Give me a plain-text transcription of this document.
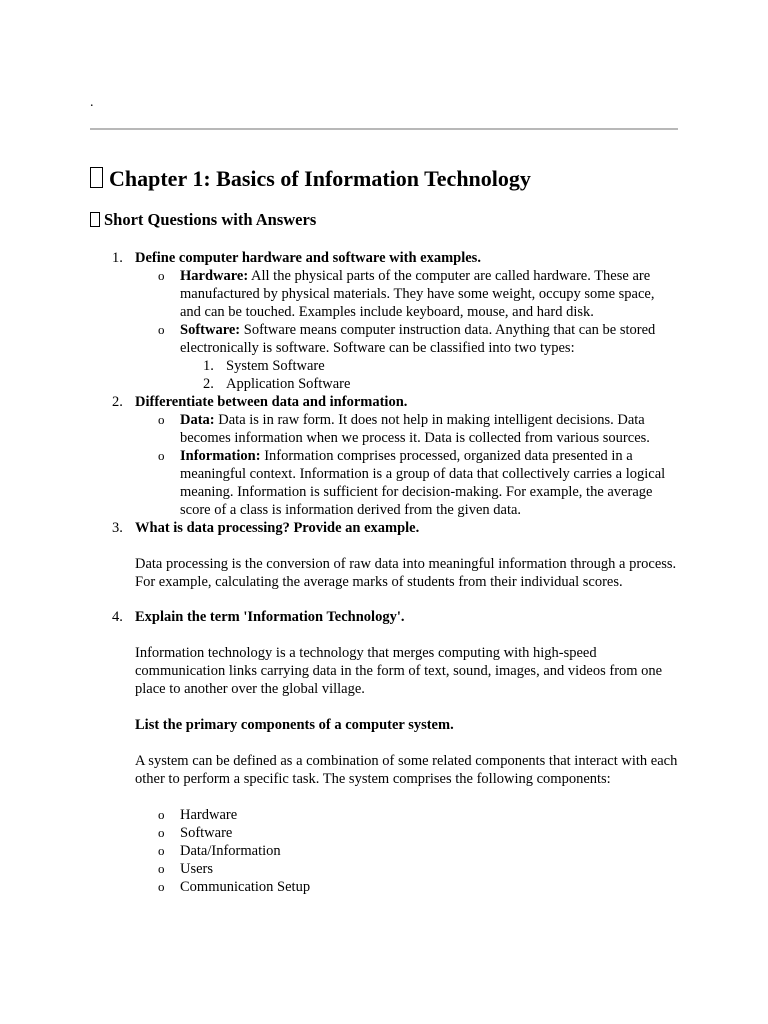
.
Chapter 1: Basics of Information Technology
Short Questions with Answers
1. Define computer hardware and software with examples.
o Hardware: All the physical parts of the computer are called hardware. These are manufactured by physical materials. They have some weight, occupy some space, and can be touched. Examples include keyboard, mouse, and hard disk.
o Software: Software means computer instruction data. Anything that can be stored electronically is software. Software can be classified into two types:
1. System Software
2. Application Software
2. Differentiate between data and information.
o Data: Data is in raw form. It does not help in making intelligent decisions. Data becomes information when we process it. Data is collected from various sources.
o Information: Information comprises processed, organized data presented in a meaningful context. Information is a group of data that collectively carries a logical meaning. Information is sufficient for decision-making. For example, the average score of a class is information derived from the given data.
3. What is data processing? Provide an example.
Data processing is the conversion of raw data into meaningful information through a process. For example, calculating the average marks of students from their individual scores.
4. Explain the term 'Information Technology'.
Information technology is a technology that merges computing with high-speed communication links carrying data in the form of text, sound, images, and videos from one place to another over the global village.
List the primary components of a computer system.
A system can be defined as a combination of some related components that interact with each other to perform a specific task. The system comprises the following components:
o Hardware
o Software
o Data/Information
o Users
o Communication Setup
